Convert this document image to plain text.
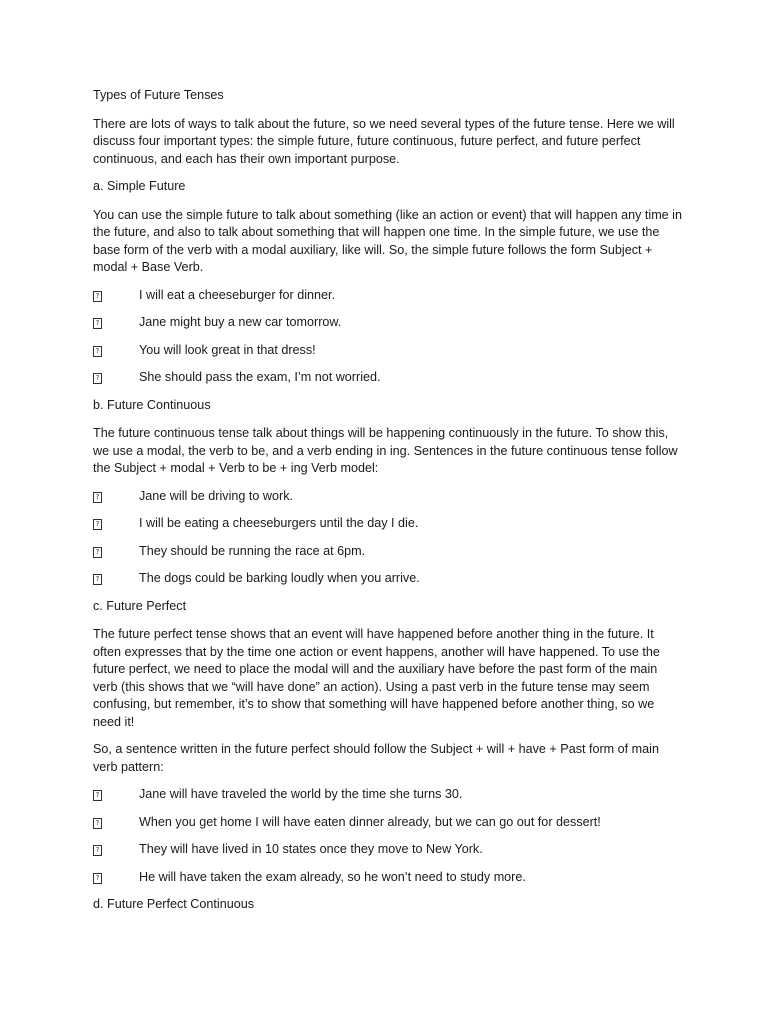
Types of Future Tenses
There are lots of ways to talk about the future, so we need several types of the future tense. Here we will discuss four important types: the simple future, future continuous, future perfect, and future perfect continuous, and each has their own important purpose.
a. Simple Future
You can use the simple future to talk about something (like an action or event) that will happen any time in the future, and also to talk about something that will happen one time. In the simple future, we use the base form of the verb with a modal auxiliary, like will. So, the simple future follows the form Subject + modal + Base Verb.
?	I will eat a cheeseburger for dinner.
?	Jane might buy a new car tomorrow.
?	You will look great in that dress!
?	She should pass the exam, I’m not worried.
b. Future Continuous
The future continuous tense talk about things will be happening continuously in the future. To show this, we use a modal, the verb to be, and a verb ending in ing. Sentences in the future continuous tense follow the Subject + modal + Verb to be + ing Verb model:
?	Jane will be driving to work.
?	I will be eating a cheeseburgers until the day I die.
?	They should be running the race at 6pm.
?	The dogs could be barking loudly when you arrive.
c. Future Perfect
The future perfect tense shows that an event will have happened before another thing in the future. It often expresses that by the time one action or event happens, another will have happened. To use the future perfect, we need to place the modal will and the auxiliary have before the past form of the main verb (this shows that we “will have done” an action). Using a past verb in the future tense may seem confusing, but remember, it’s to show that something will have happened before another thing, so we need it!
So, a sentence written in the future perfect should follow the Subject + will + have + Past form of main verb pattern:
?	Jane will have traveled the world by the time she turns 30.
?	When you get home I will have eaten dinner already, but we can go out for dessert!
?	They will have lived in 10 states once they move to New York.
?	He will have taken the exam already, so he won’t need to study more.
d. Future Perfect Continuous
